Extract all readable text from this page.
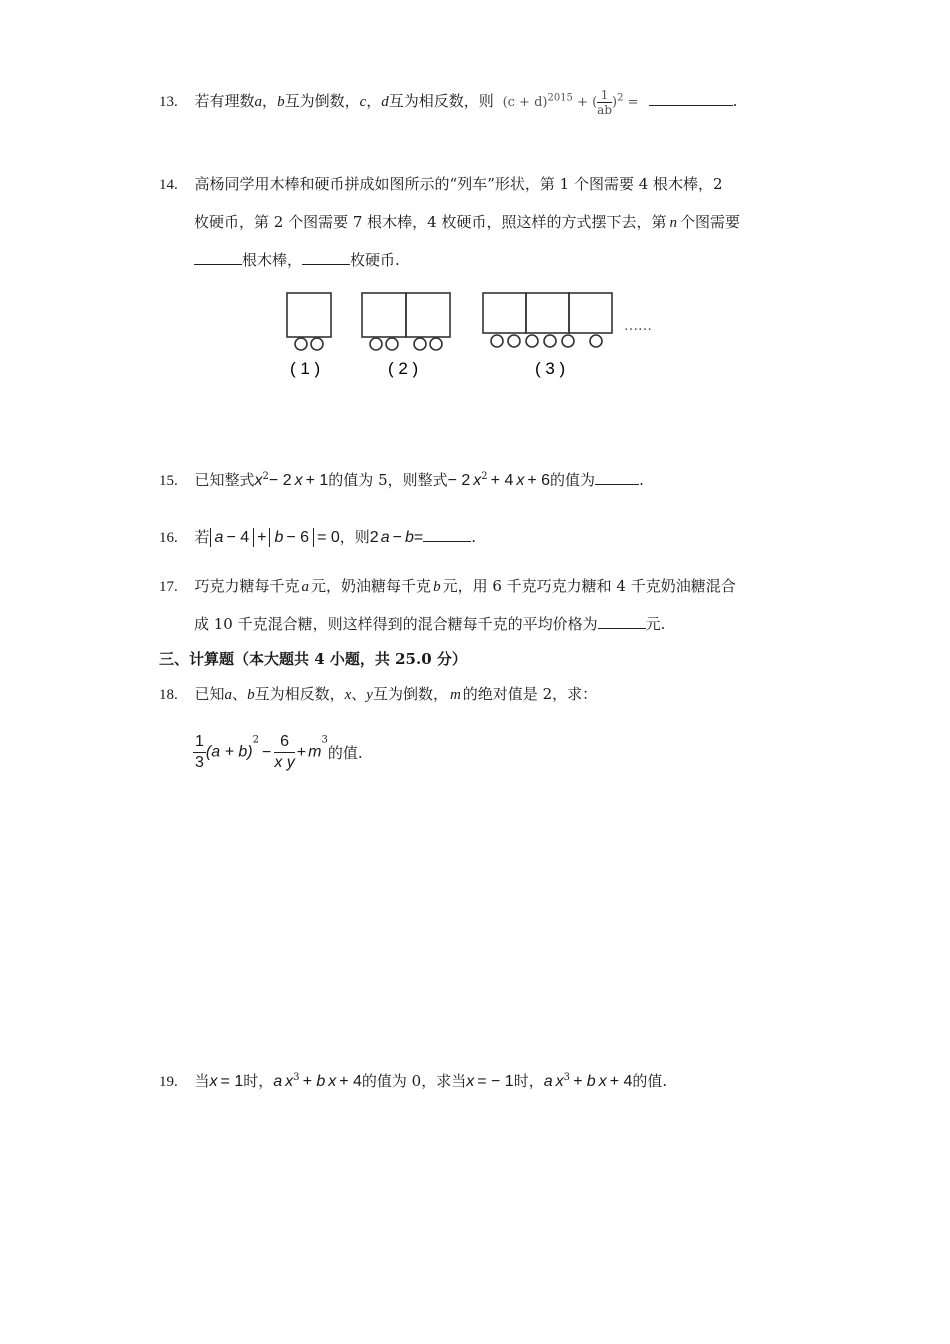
13. 若有理数a，b互为倒数，c，d互为相反数，则 $(c + d)^{2015}$ + ( $\frac{1}{ab} )^2$ =	.
14. 高杨同学用木棒和硬币拼成如图所示的“列车”形状，第 1 个图需要 4 根木棒，2
枚硬币，第 2 个图需要 7 根木棒，4 枚硬币，照这样的方式摆下去，第 n 个图需要
根木棒，	枚硬币.
( 1 )	( 2 )	( 3 )
……
15. 已知整式$x^2- 2$ x + 1的值为 5，则整式− 2 $x^2 + 4$ x + 6的值为	.
16. 若 a − 4 + b − 6 = 0，则2 a − b=	.
17. 巧克力糖每千克 a 元，奶油糖每千克 b 元，用 6 千克巧克力糖和 4 千克奶油糖混合
成 10 千克混合糖，则这样得到的混合糖每千克的平均价格为	元.
三、计算题（本大题共 4 小题，共 25.0 分）
18. 已知a、b互为相反数，x、y互为倒数， m 的绝对值是 2，求：
$\frac{1}{3} (a + b)^2- \frac{6}{\text{x y}} + m^3$的值.
19. 当x = 1时，a $x^3 + b$ x + 4的值为 0，求当x = − 1时，a $x^3 + b$ x + 4的值.
